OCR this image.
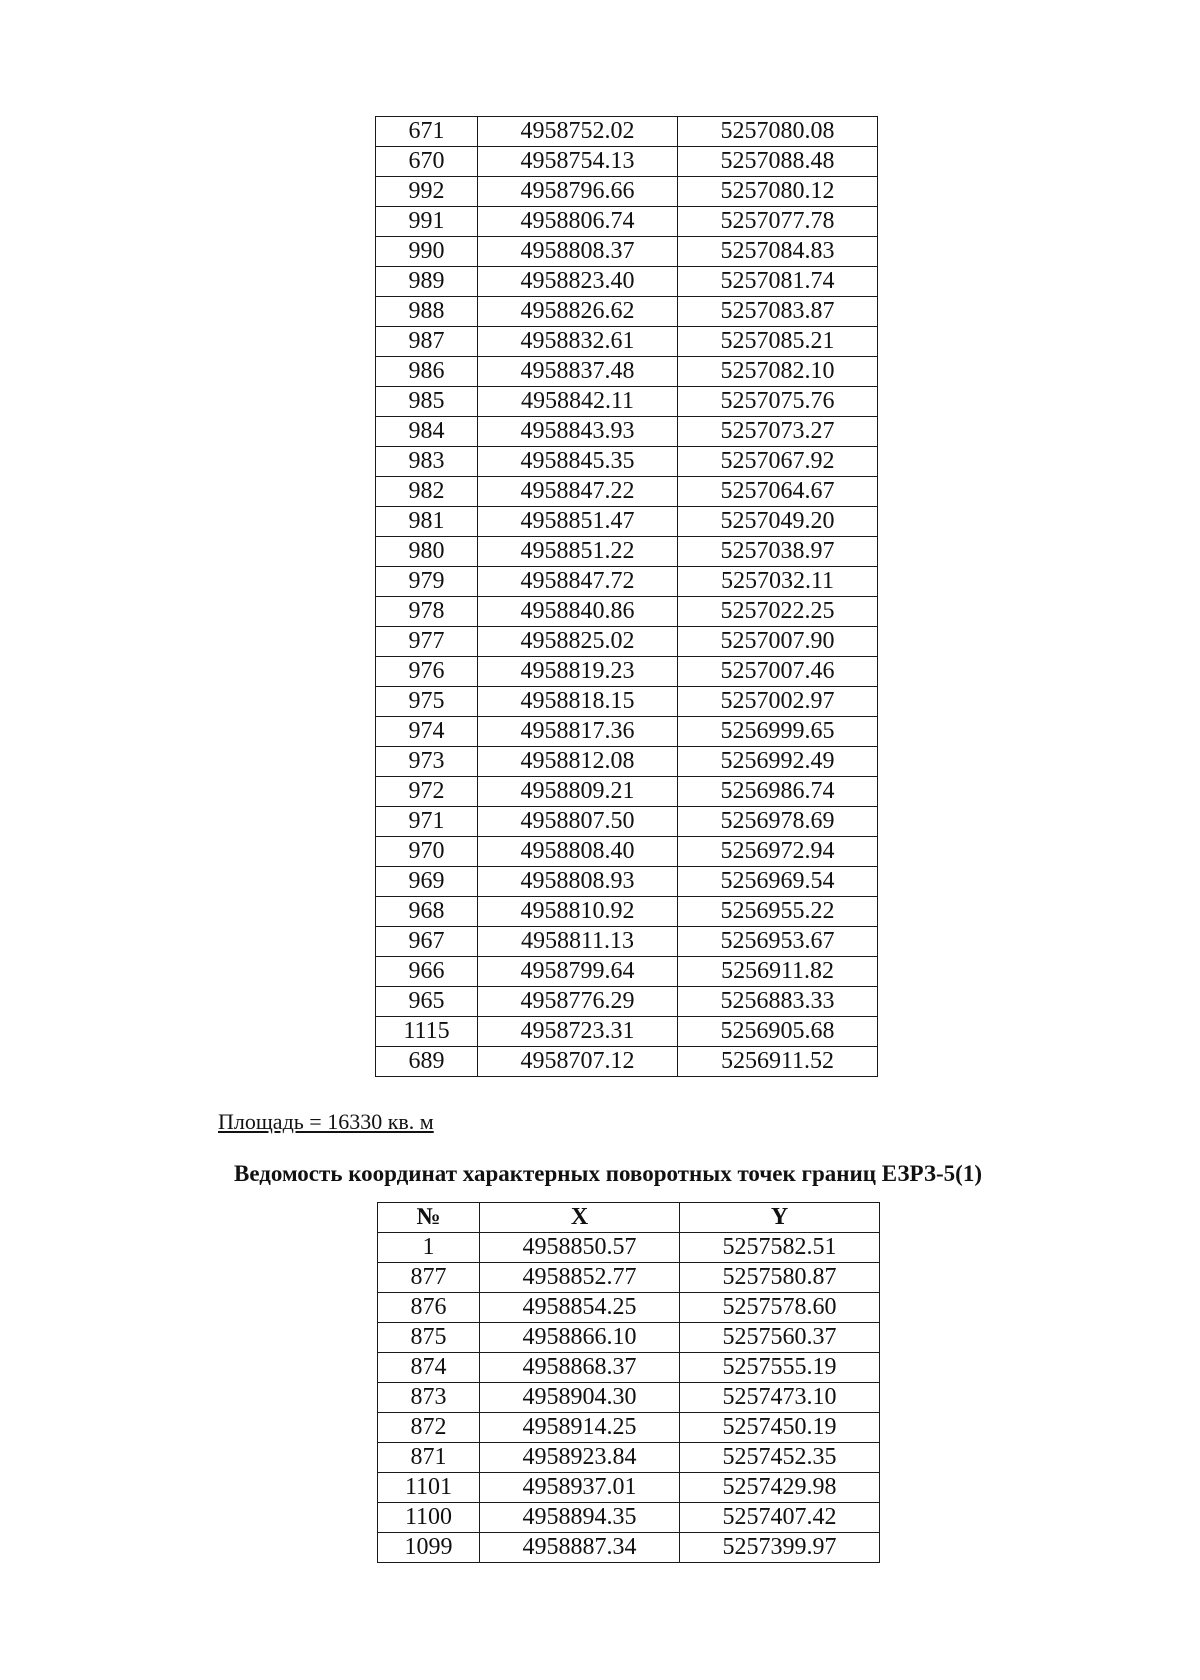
671	4958752.02	5257080.08
670	4958754.13	5257088.48
992	4958796.66	5257080.12
991	4958806.74	5257077.78
990	4958808.37	5257084.83
989	4958823.40	5257081.74
988	4958826.62	5257083.87
987	4958832.61	5257085.21
986	4958837.48	5257082.10
985	4958842.11	5257075.76
984	4958843.93	5257073.27
983	4958845.35	5257067.92
982	4958847.22	5257064.67
981	4958851.47	5257049.20
980	4958851.22	5257038.97
979	4958847.72	5257032.11
978	4958840.86	5257022.25
977	4958825.02	5257007.90
976	4958819.23	5257007.46
975	4958818.15	5257002.97
974	4958817.36	5256999.65
973	4958812.08	5256992.49
972	4958809.21	5256986.74
971	4958807.50	5256978.69
970	4958808.40	5256972.94
969	4958808.93	5256969.54
968	4958810.92	5256955.22
967	4958811.13	5256953.67
966	4958799.64	5256911.82
965	4958776.29	5256883.33
1115	4958723.31	5256905.68
689	4958707.12	5256911.52
Площадь = 16330 кв. м
Ведомость координат характерных поворотных точек границ ЕЗРЗ-5(1)
№	X	Y
1	4958850.57	5257582.51
877	4958852.77	5257580.87
876	4958854.25	5257578.60
875	4958866.10	5257560.37
874	4958868.37	5257555.19
873	4958904.30	5257473.10
872	4958914.25	5257450.19
871	4958923.84	5257452.35
1101	4958937.01	5257429.98
1100	4958894.35	5257407.42
1099	4958887.34	5257399.97
